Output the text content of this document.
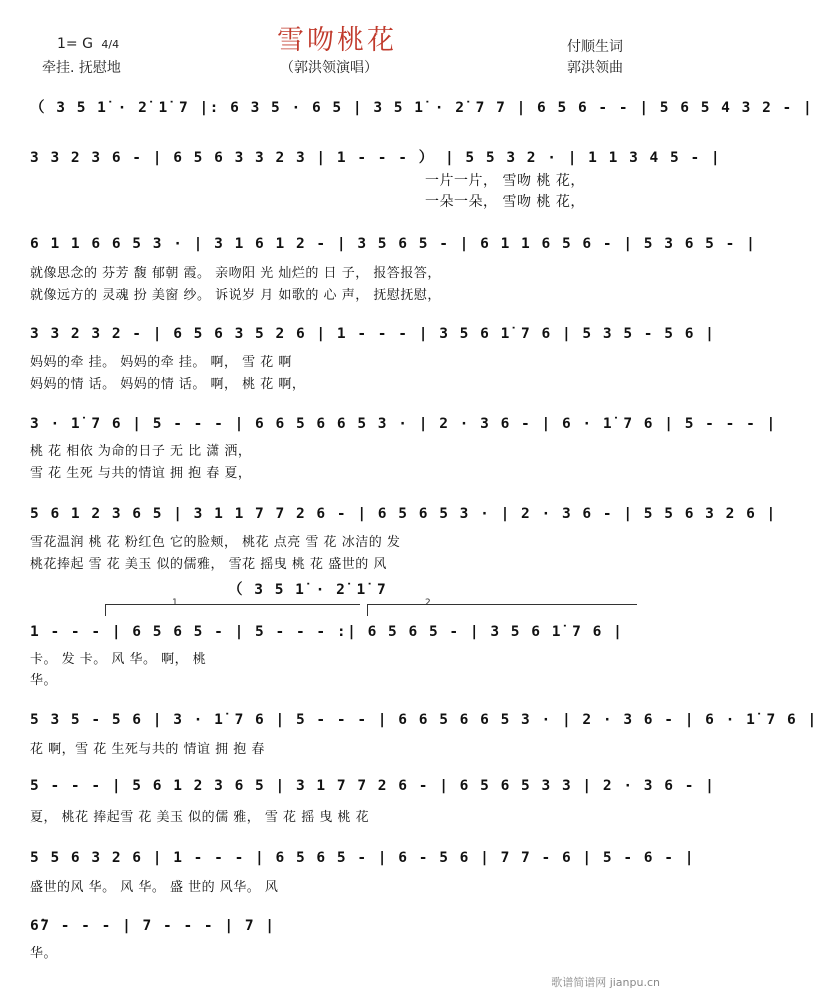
雪吻桃花
1= G 4/4
牵挂. 抚慰地	（郭洪领演唱）
付顺生词
郭洪领曲
（ 3 5 1̇ · 2̇ 1̇ 7 |: 6 3 5 · 6 5 | 3 5 1̇ · 2̇ 7 7 | 6 5 6 - - | 5 6 5 4 3 2 - |
3 3 2 3 6 - | 6 5 6 3 3 2 3 | 1 - - - ） | 5 5 3 2 · | 1 1 3 4 5 - |
一片一片， 雪吻 桃 花，
一朵一朵， 雪吻 桃 花，
6 1 1 6 6 5 3 · | 3 1 6 1 2 - | 3 5 6 5 - | 6 1 1 6 5 6 - | 5 3 6 5 - |
就像思念的 芬芳 馥 郁朝 霞。 亲吻阳 光 灿烂的 日 子， 报答报答，
就像远方的 灵魂 扮 美窗 纱。 诉说岁 月 如歌的 心 声， 抚慰抚慰，
3 3 2 3 2 - | 6 5 6 3 5 2 6 | 1 - - - | 3 5 6 1̇ 7 6 | 5 3 5 - 5 6 |
妈妈的牵 挂。 妈妈的牵 挂。 啊， 雪 花 啊
妈妈的情 话。 妈妈的情 话。 啊， 桃 花 啊，
3 · 1̇ 7 6 | 5 - - - | 6 6 5 6 6 5 3 · | 2 · 3 6 - | 6 · 1̇ 7 6 | 5 - - - |
桃 花 相依 为命的日子 无 比 潇 洒，
雪 花 生死 与共的情谊 拥 抱 春 夏，
5 6 1 2 3 6 5 | 3 1 1 7 7 2 6 - | 6 5 6 5 3 · | 2 · 3 6 - | 5 5 6 3 2 6 |
雪花温润 桃 花 粉红色 它的脸颊， 桃花 点亮 雪 花 冰洁的 发
桃花捧起 雪 花 美玉 似的儒雅， 雪花 摇曳 桃 花 盛世的 风
（ 3 5 1̇ · 2̇ 1̇ 7
1	2
1 - - - | 6 5 6 5 - | 5 - - - :| 6 5 6 5 - | 3 5 6 1̇ 7 6 |
卡。 发 卡。 风 华。 啊， 桃
华。
5 3 5 - 5 6 | 3 · 1̇ 7 6 | 5 - - - | 6 6 5 6 6 5 3 · | 2 · 3 6 - | 6 · 1̇ 7 6 |
花 啊，雪 花 生死与共的 情谊 拥 抱 春
5 - - - | 5 6 1 2 3 6 5 | 3 1 7 7 2 6 - | 6 5 6 5 3 3 | 2 · 3 6 - |
夏， 桃花 捧起雪 花 美玉 似的儒 雅， 雪 花 摇 曳 桃 花
5 5 6 3 2 6 | 1 - - - | 6 5 6 5 - | 6 - 5 6 | 7 7 - 6 | 5 - 6 - |
盛世的风 华。 风 华。 盛 世的 风华。 风
6̇7 - - - | 7 - - - | 7 |
华。
歌谱简谱网 jianpu.cn
